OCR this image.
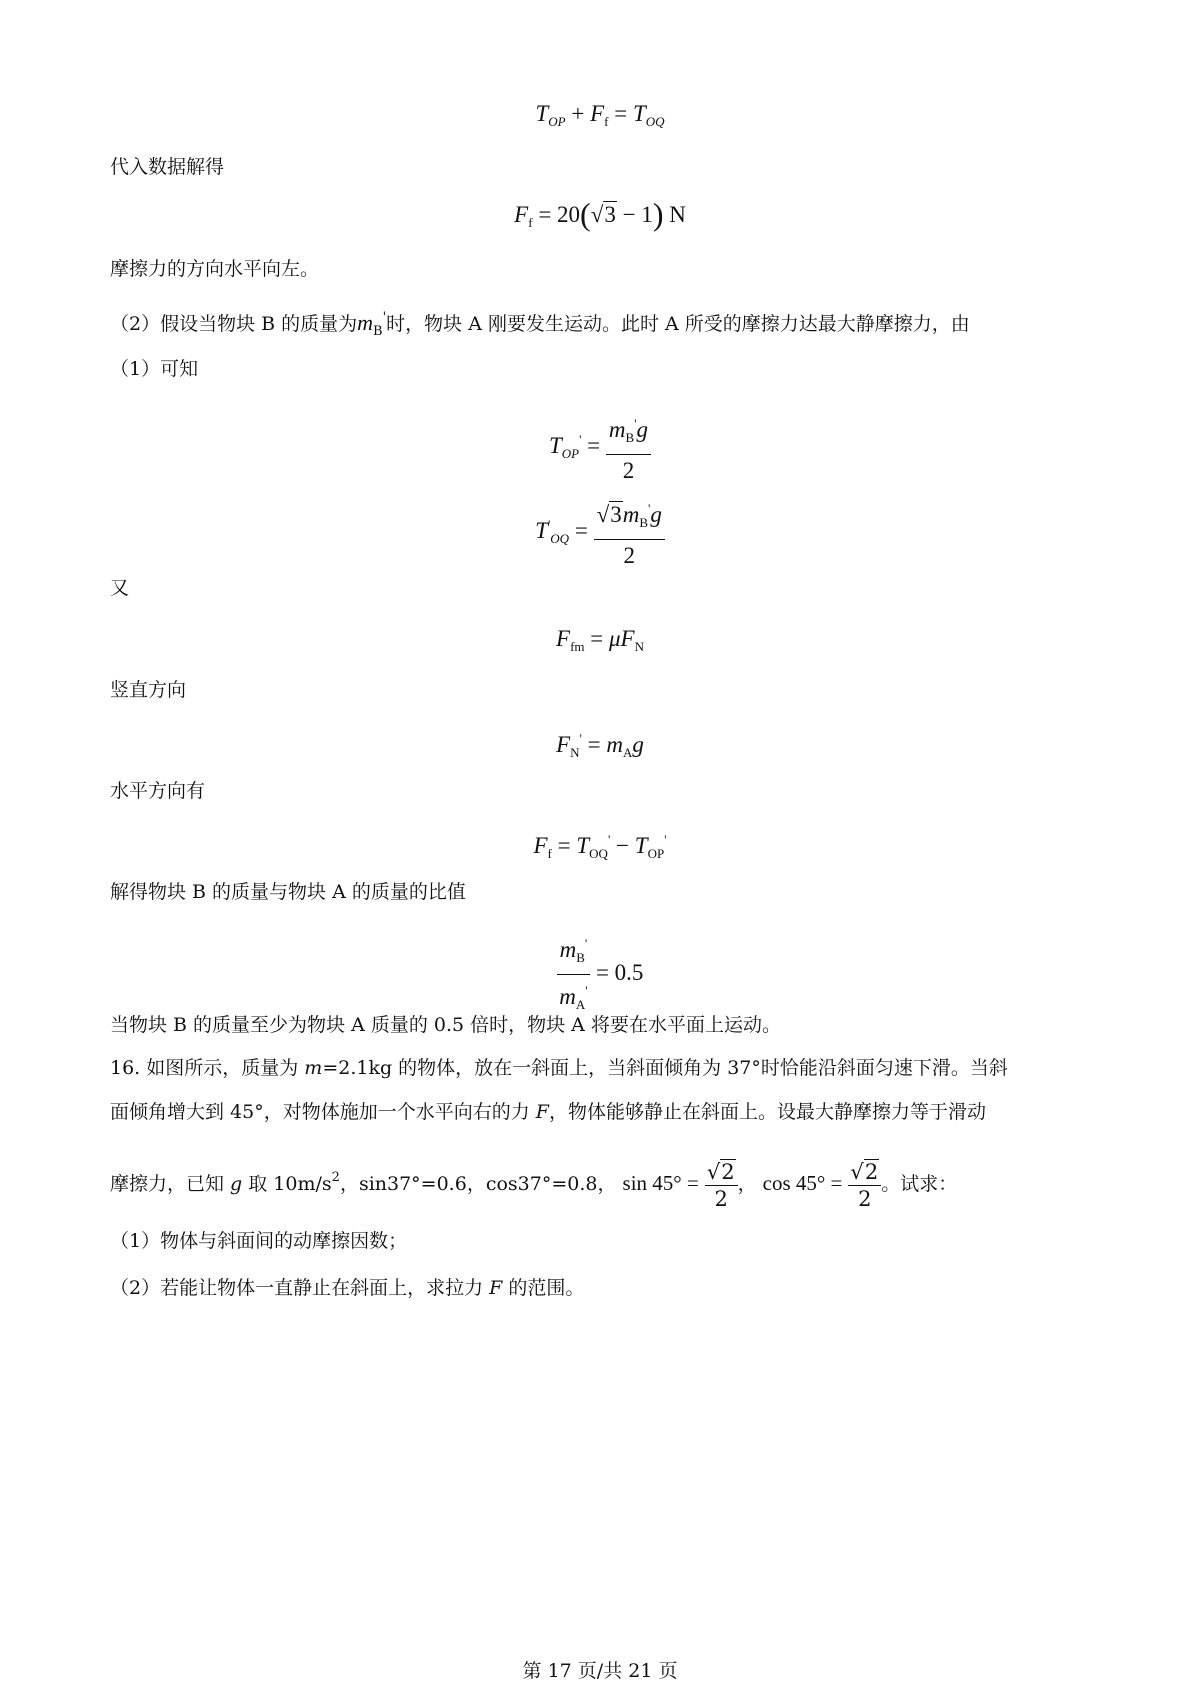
$T_{OP} + F_f = T_{OQ}$
代入数据解得
$F_f = 20(√3 - 1)$ N
摩擦力的方向水平向左。
（2）假设当物块 B 的质量为$m_B'$时，物块 A 刚要发生运动。此时 A 所受的摩擦力达最大静摩擦力，由
（1）可知
$T_{OP}' = \frac{m_B'g}{2}$
$T'_{OQ} = \frac{√3m_B'g}{2}$
又
$F_{fm} = \mu F_N$
竖直方向
$F_N' = m_Ag$
水平方向有
$F_f = T_{OQ}' - T_{OP}'$
解得物块 B 的质量与物块 A 的质量的比值
$\frac{m_B'}{m_A'} = 0.5$
当物块 B 的质量至少为物块 A 质量的 0.5 倍时，物块 A 将要在水平面上运动。
16. 如图所示，质量为 m=2.1kg 的物体，放在一斜面上，当斜面倾角为 37°时恰能沿斜面匀速下滑。当斜
面倾角增大到 45°，对物体施加一个水平向右的力 F，物体能够静止在斜面上。设最大静摩擦力等于滑动
摩擦力，已知 g 取 $10m/s^2$，sin37°=0.6，cos37°=0.8， $\sin 45^\circ = \frac{√2}{2}$ ， $\cos 45^\circ = \frac{√2}{2}$ 。试求：
（1）物体与斜面间的动摩擦因数；
（2）若能让物体一直静止在斜面上，求拉力 F 的范围。
第 17 页/共 21 页
